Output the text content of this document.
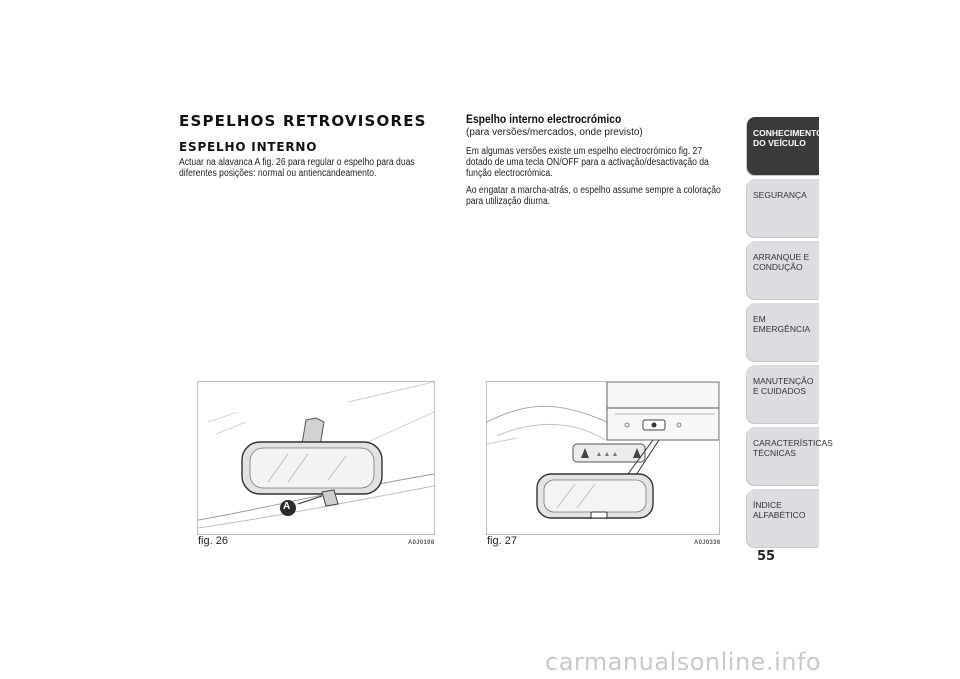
ESPELHOS RETROVISORES
ESPELHO INTERNO
Actuar na alavanca A fig. 26 para regular o espelho para duas diferentes posições: normal ou antiencandeamento.
Espelho interno electrocrómico
(para versões/mercados, onde previsto)
Em algumas versões existe um espelho electrocrómico fig. 27 dotado de uma tecla ON/OFF para a activação/desactivação da função electrocrómica.
Ao engatar a marcha-atrás, o espelho assume sempre a coloração para utilização diurna.
A
fig. 26	A0J0108	fig. 27	A0J0336
CONHECIMENTO DO VEÍCULO
SEGURANÇA
ARRANQUE E CONDUÇÃO
EM EMERGÊNCIA
MANUTENÇÃO E CUIDADOS
CARACTERÍSTICAS TÉCNICAS
ÍNDICE ALFABÉTICO
55
carmanualsonline.info
